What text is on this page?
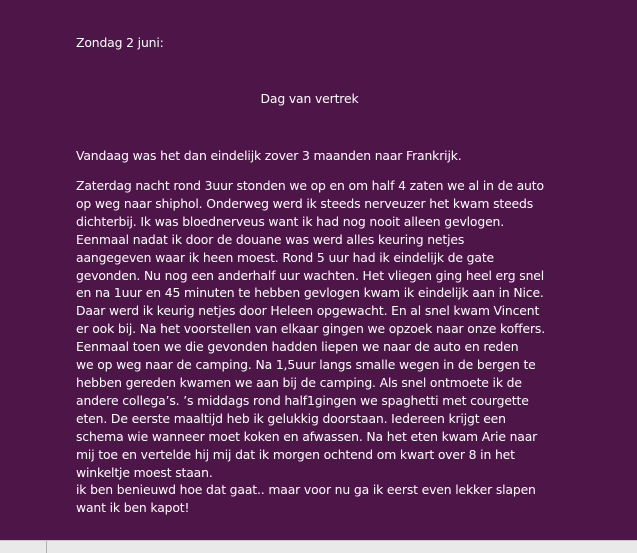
Zondag 2 juni:
Dag van vertrek
Vandaag was het dan eindelijk zover 3 maanden naar Frankrijk.
Zaterdag nacht rond 3uur stonden we op en om half 4 zaten we al in de auto
op weg naar shiphol. Onderweg werd ik steeds nerveuzer het kwam steeds
dichterbij. Ik was bloednerveus want ik had nog nooit alleen gevlogen.
Eenmaal nadat ik door de douane was werd alles keuring netjes
aangegeven waar ik heen moest. Rond 5 uur had ik eindelijk de gate
gevonden. Nu nog een anderhalf uur wachten. Het vliegen ging heel erg snel
en na 1uur en 45 minuten te hebben gevlogen kwam ik eindelijk aan in Nice.
Daar werd ik keurig netjes door Heleen opgewacht. En al snel kwam Vincent
er ook bij. Na het voorstellen van elkaar gingen we opzoek naar onze koffers.
Eenmaal toen we die gevonden hadden liepen we naar de auto en reden
we op weg naar de camping. Na 1,5uur langs smalle wegen in de bergen te
hebben gereden kwamen we aan bij de camping. Als snel ontmoete ik de
andere collega’s. ’s middags rond half1gingen we spaghetti met courgette
eten. De eerste maaltijd heb ik gelukkig doorstaan. Iedereen krijgt een
schema wie wanneer moet koken en afwassen. Na het eten kwam Arie naar
mij toe en vertelde hij mij dat ik morgen ochtend om kwart over 8 in het
winkeltje moest staan.
ik ben benieuwd hoe dat gaat.. maar voor nu ga ik eerst even lekker slapen
want ik ben kapot!
